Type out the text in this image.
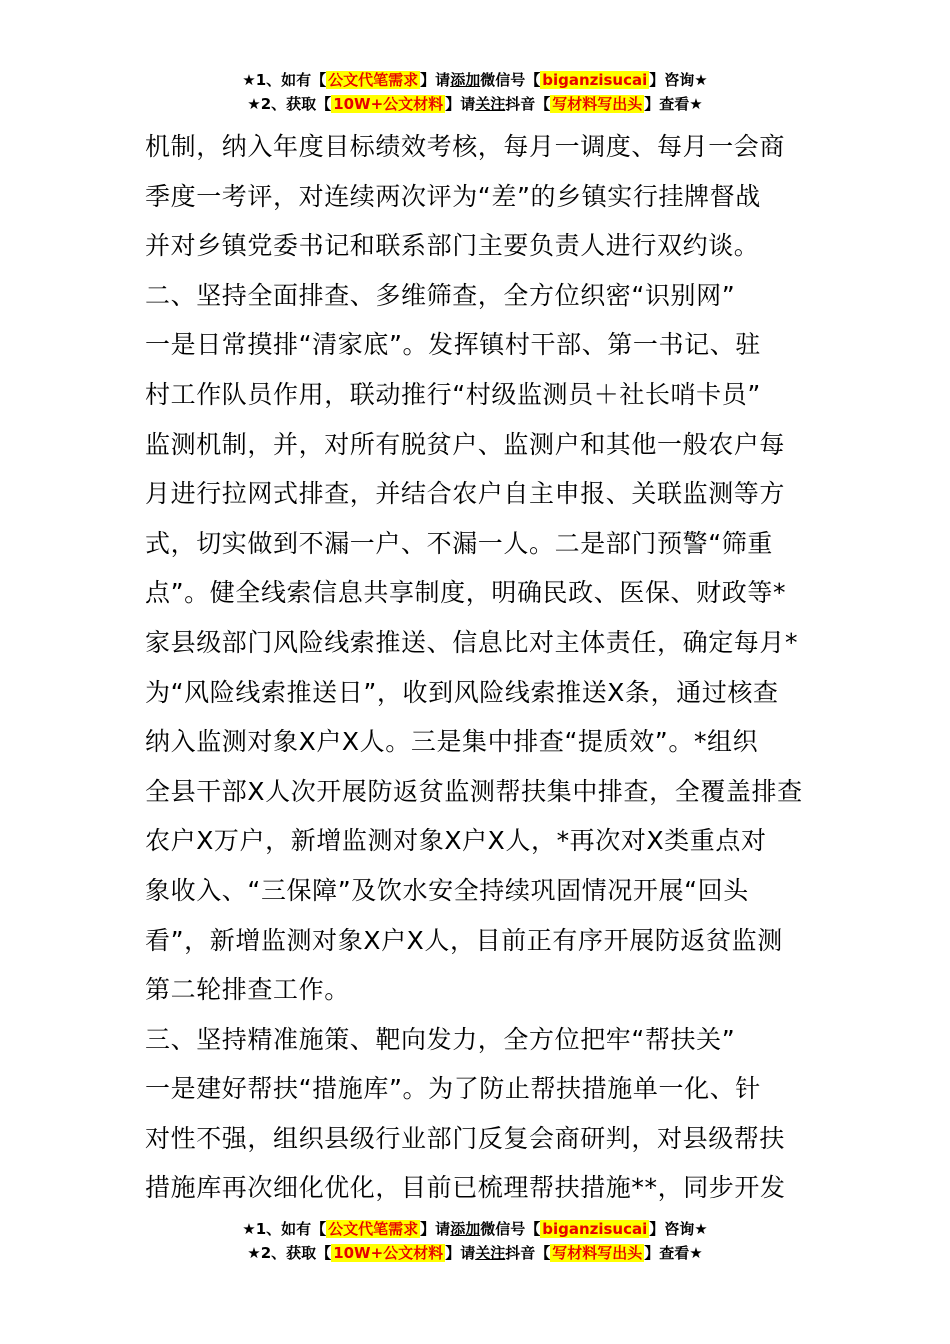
★1、如有【 公文代笔需求 】请添加微信号【 biganzisucai 】咨询★
★2、获取【 10W+公文材料 】请关注抖音【 写材料写出头 】查看★

机制，纳入年度目标绩效考核，每月一调度、每月一会商

季度一考评，对连续两次评为“差”的乡镇实行挂牌督战

并对乡镇党委书记和联系部门主要负责人进行双约谈。

二、坚持全面排查、多维筛查，全方位织密“识别网”

一是日常摸排“清家底”。发挥镇村干部、第一书记、驻

村工作队员作用，联动推行“村级监测员＋社长哨卡员”

监测机制，并，对所有脱贫户、监测户和其他一般农户每

月进行拉网式排查，并结合农户自主申报、关联监测等方

式，切实做到不漏一户、不漏一人。二是部门预警“筛重

点”。健全线索信息共享制度，明确民政、医保、财政等*

家县级部门风险线索推送、信息比对主体责任，确定每月*

为“风险线索推送日”，收到风险线索推送X条，通过核查

纳入监测对象X户X人。三是集中排查“提质效”。*组织

全县干部X人次开展防返贫监测帮扶集中排查，全覆盖排查

农户X万户，新增监测对象X户X人，*再次对X类重点对

象收入、“三保障”及饮水安全持续巩固情况开展“回头

看”，新增监测对象X户X人，目前正有序开展防返贫监测

第二轮排查工作。

三、坚持精准施策、靶向发力，全方位把牢“帮扶关”

一是建好帮扶“措施库”。为了防止帮扶措施单一化、针

对性不强，组织县级行业部门反复会商研判，对县级帮扶

措施库再次细化优化，目前已梳理帮扶措施**，同步开发

★1、如有【 公文代笔需求 】请添加微信号【 biganzisucai 】咨询★
★2、获取【 10W+公文材料 】请关注抖音【 写材料写出头 】查看★
